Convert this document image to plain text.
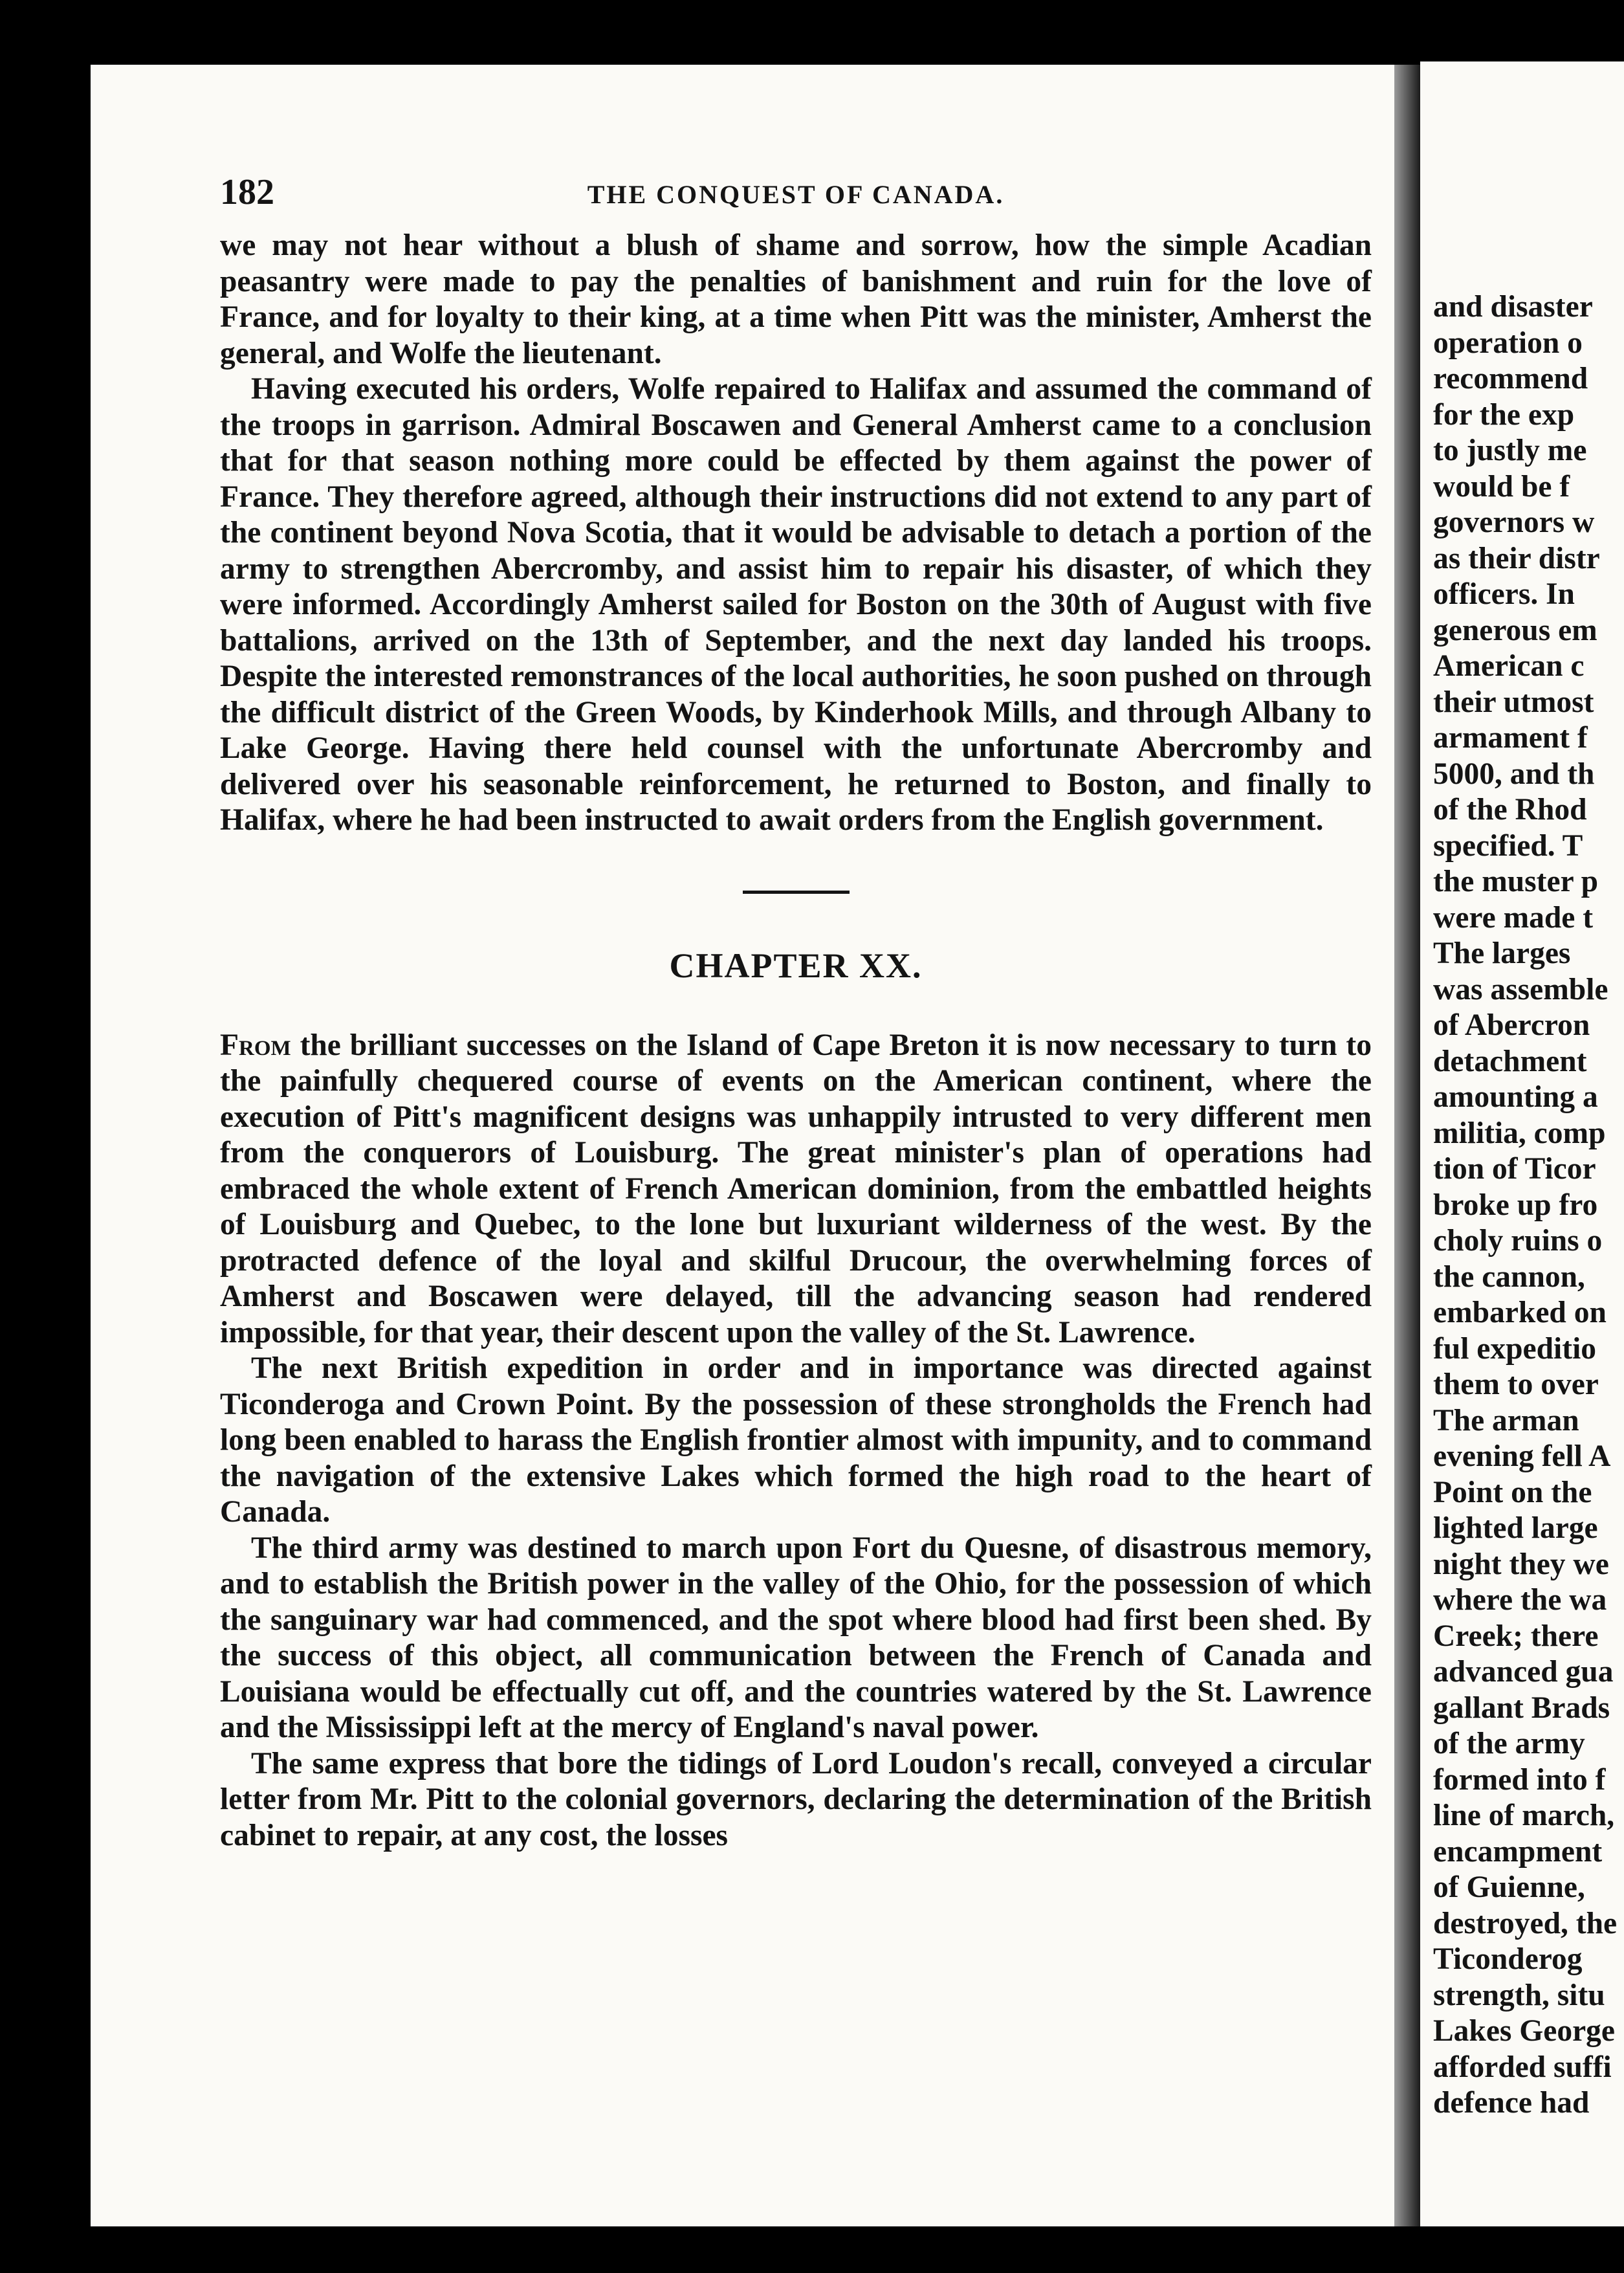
and disaster
operation o
recommend
for the exp
to justly me
would be f
governors w
as their distr
officers. In
generous em
American c
their utmost
armament f
5000, and th
of the Rhod
specified. T
the muster p
were made t
The larges
was assemble
of Abercron
detachment
amounting a
militia, comp
tion of Ticor
broke up fro
choly ruins o
the cannon,
embarked on
ful expeditio
them to over
The arman
evening fell A
Point on the
lighted large
night they we
where the wa
Creek; there
advanced gua
gallant Brads
of the army
formed into f
line of march,
encampment
of Guienne,
destroyed, the
Ticonderog
strength, situ
Lakes George
afforded suffi
defence had
182	THE CONQUEST OF CANADA.

we may not hear without a blush of shame and sorrow, how the simple Acadian peasantry were made to pay the penalties of banishment and ruin for the love of France, and for loyalty to their king, at a time when Pitt was the minister, Amherst the general, and Wolfe the lieutenant.

Having executed his orders, Wolfe repaired to Halifax and assumed the command of the troops in garrison. Admiral Boscawen and General Amherst came to a conclusion that for that season nothing more could be effected by them against the power of France. They therefore agreed, although their instructions did not extend to any part of the continent beyond Nova Scotia, that it would be advisable to detach a portion of the army to strengthen Abercromby, and assist him to repair his disaster, of which they were informed. Accordingly Amherst sailed for Boston on the 30th of August with five battalions, arrived on the 13th of September, and the next day landed his troops. Despite the interested remonstrances of the local authorities, he soon pushed on through the difficult district of the Green Woods, by Kinderhook Mills, and through Albany to Lake George. Having there held counsel with the unfortunate Abercromby and delivered over his seasonable reinforcement, he returned to Boston, and finally to Halifax, where he had been instructed to await orders from the English government.

CHAPTER XX.

From the brilliant successes on the Island of Cape Breton it is now necessary to turn to the painfully chequered course of events on the American continent, where the execution of Pitt's magnificent designs was unhappily intrusted to very different men from the conquerors of Louisburg. The great minister's plan of operations had embraced the whole extent of French American dominion, from the embattled heights of Louisburg and Quebec, to the lone but luxuriant wilderness of the west. By the protracted defence of the loyal and skilful Drucour, the overwhelming forces of Amherst and Boscawen were delayed, till the advancing season had rendered impossible, for that year, their descent upon the valley of the St. Lawrence.

The next British expedition in order and in importance was directed against Ticonderoga and Crown Point. By the possession of these strongholds the French had long been enabled to harass the English frontier almost with impunity, and to command the navigation of the extensive Lakes which formed the high road to the heart of Canada.

The third army was destined to march upon Fort du Quesne, of disastrous memory, and to establish the British power in the valley of the Ohio, for the possession of which the sanguinary war had commenced, and the spot where blood had first been shed. By the success of this object, all communication between the French of Canada and Louisiana would be effectually cut off, and the countries watered by the St. Lawrence and the Mississippi left at the mercy of England's naval power.

The same express that bore the tidings of Lord Loudon's recall, conveyed a circular letter from Mr. Pitt to the colonial governors, declaring the determination of the British cabinet to repair, at any cost, the losses
